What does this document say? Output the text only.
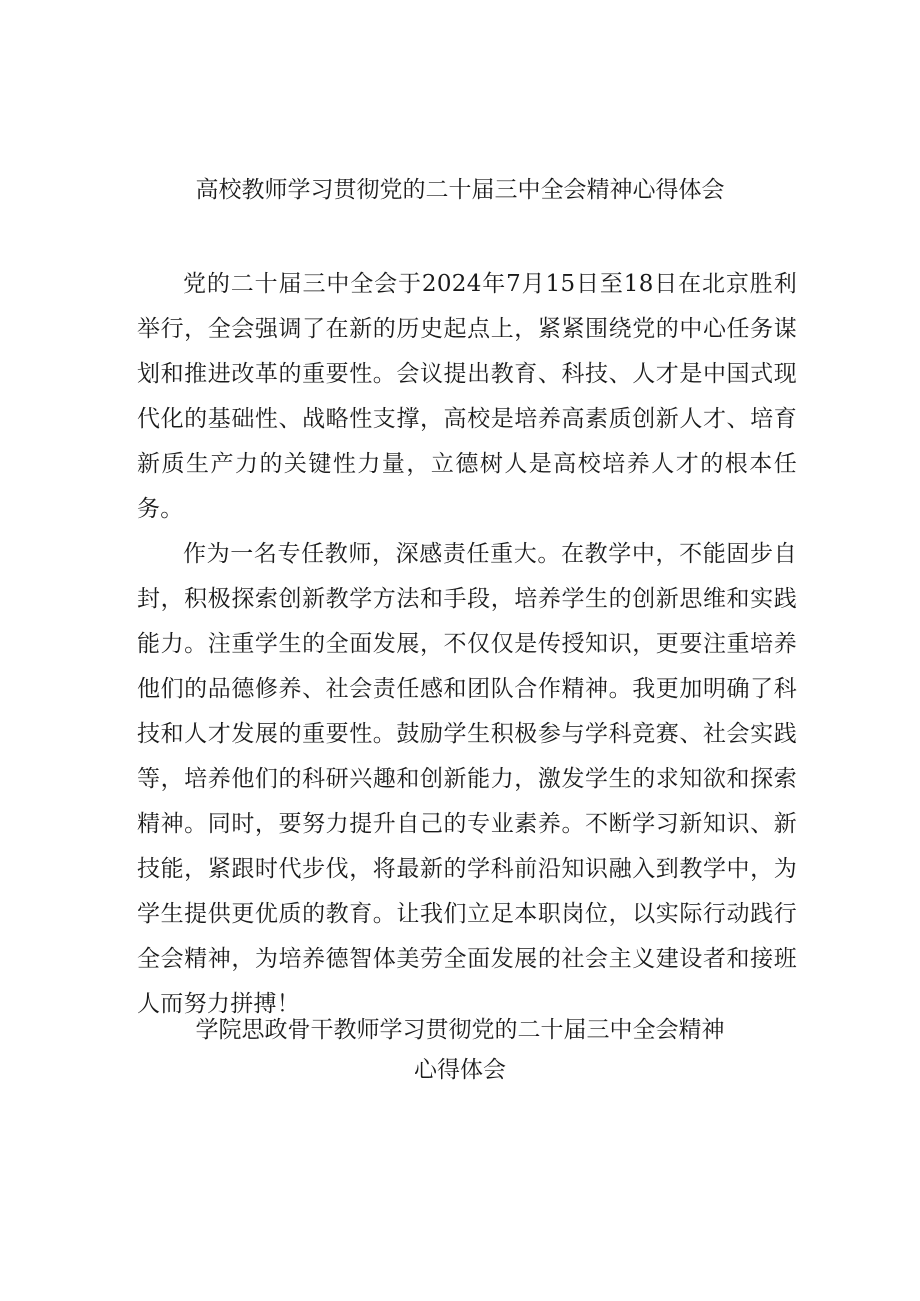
高校教师学习贯彻党的二十届三中全会精神心得体会

党的二十届三中全会于2024年7月15日至18日在北京胜利举行，全会强调了在新的历史起点上，紧紧围绕党的中心任务谋划和推进改革的重要性。会议提出教育、科技、人才是中国式现代化的基础性、战略性支撑，高校是培养高素质创新人才、培育新质生产力的关键性力量，立德树人是高校培养人才的根本任务。

作为一名专任教师，深感责任重大。在教学中，不能固步自封，积极探索创新教学方法和手段，培养学生的创新思维和实践能力。注重学生的全面发展，不仅仅是传授知识，更要注重培养他们的品德修养、社会责任感和团队合作精神。我更加明确了科技和人才发展的重要性。鼓励学生积极参与学科竞赛、社会实践等，培养他们的科研兴趣和创新能力，激发学生的求知欲和探索精神。同时，要努力提升自己的专业素养。不断学习新知识、新技能，紧跟时代步伐，将最新的学科前沿知识融入到教学中，为学生提供更优质的教育。让我们立足本职岗位，以实际行动践行全会精神，为培养德智体美劳全面发展的社会主义建设者和接班人而努力拼搏！

学院思政骨干教师学习贯彻党的二十届三中全会精神
心得体会
